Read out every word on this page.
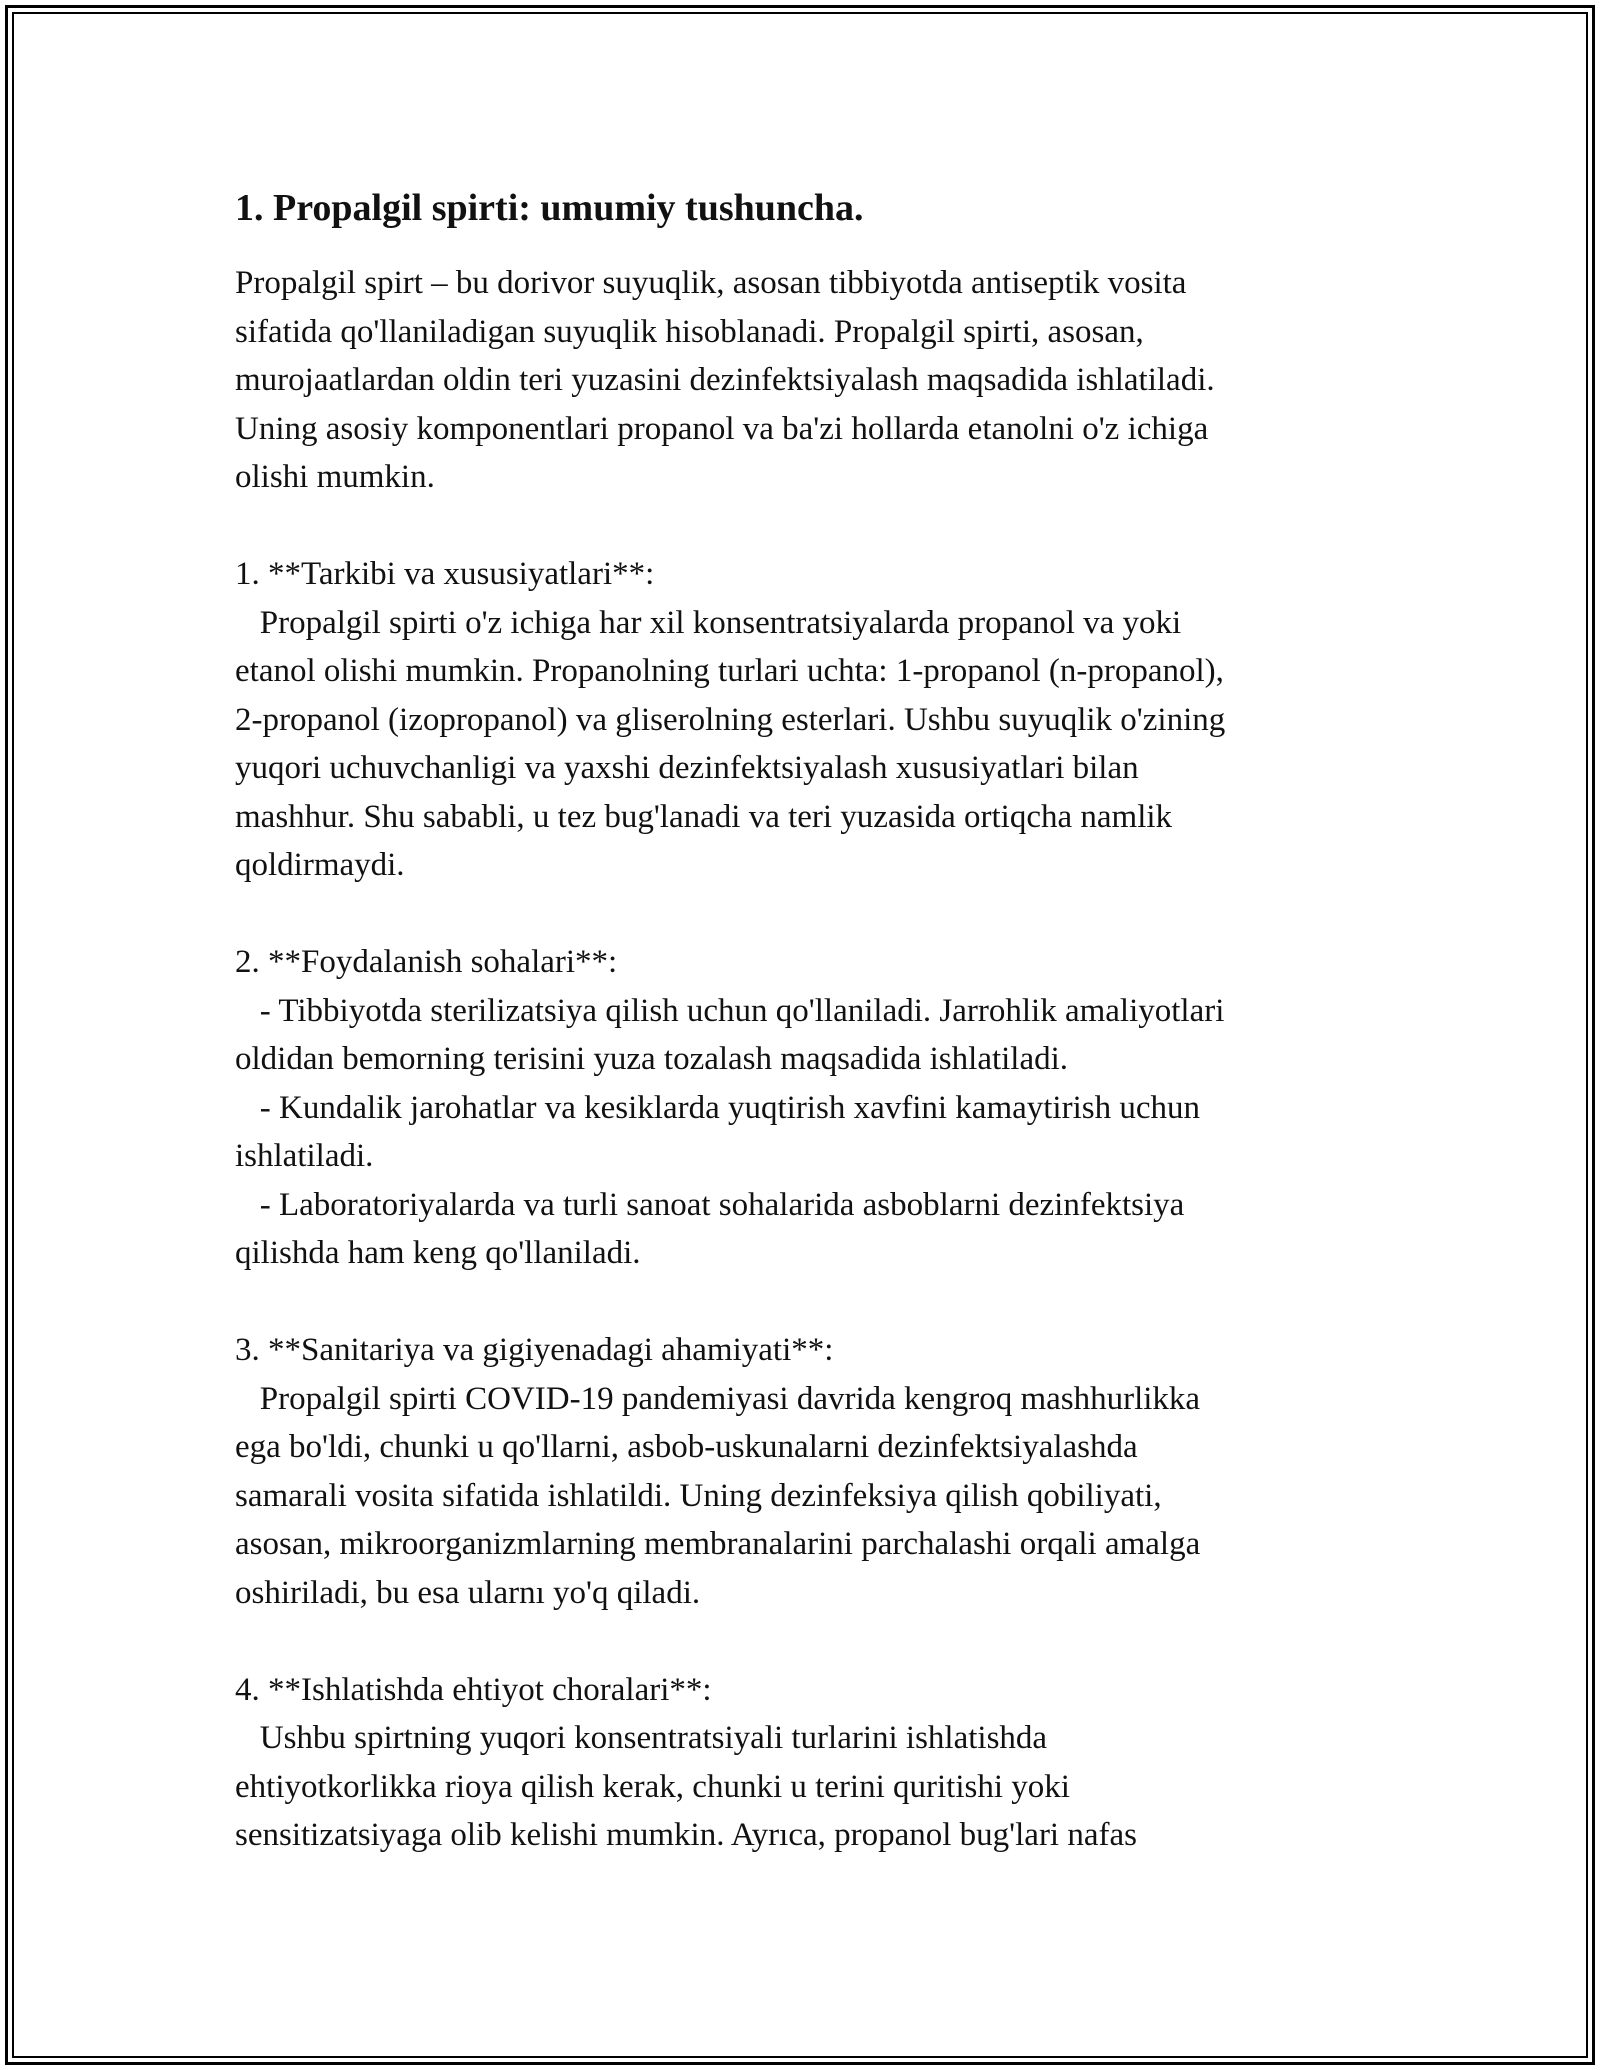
1. Propalgil spirti: umumiy tushuncha.
Propalgil spirt – bu dorivor suyuqlik, asosan tibbiyotda antiseptik vosita
sifatida qo'llaniladigan suyuqlik hisoblanadi. Propalgil spirti, asosan,
murojaatlardan oldin teri yuzasini dezinfektsiyalash maqsadida ishlatiladi.
Uning asosiy komponentlari propanol va ba'zi hollarda etanolni o'z ichiga
olishi mumkin.
1. **Tarkibi va xususiyatlari**:
Propalgil spirti o'z ichiga har xil konsentratsiyalarda propanol va yoki
etanol olishi mumkin. Propanolning turlari uchta: 1-propanol (n-propanol),
2-propanol (izopropanol) va gliserolning esterlari. Ushbu suyuqlik o'zining
yuqori uchuvchanligi va yaxshi dezinfektsiyalash xususiyatlari bilan
mashhur. Shu sababli, u tez bug'lanadi va teri yuzasida ortiqcha namlik
qoldirmaydi.
2. **Foydalanish sohalari**:
- Tibbiyotda sterilizatsiya qilish uchun qo'llaniladi. Jarrohlik amaliyotlari
oldidan bemorning terisini yuza tozalash maqsadida ishlatiladi.
- Kundalik jarohatlar va kesiklarda yuqtirish xavfini kamaytirish uchun
ishlatiladi.
- Laboratoriyalarda va turli sanoat sohalarida asboblarni dezinfektsiya
qilishda ham keng qo'llaniladi.
3. **Sanitariya va gigiyenadagi ahamiyati**:
Propalgil spirti COVID-19 pandemiyasi davrida kengroq mashhurlikka
ega bo'ldi, chunki u qo'llarni, asbob-uskunalarni dezinfektsiyalashda
samarali vosita sifatida ishlatildi. Uning dezinfeksiya qilish qobiliyati,
asosan, mikroorganizmlarning membranalarini parchalashi orqali amalga
oshiriladi, bu esa ularnı yo'q qiladi.
4. **Ishlatishda ehtiyot choralari**:
Ushbu spirtning yuqori konsentratsiyali turlarini ishlatishda
ehtiyotkorlikka rioya qilish kerak, chunki u terini quritishi yoki
sensitizatsiyaga olib kelishi mumkin. Ayrıca, propanol bug'lari nafas
